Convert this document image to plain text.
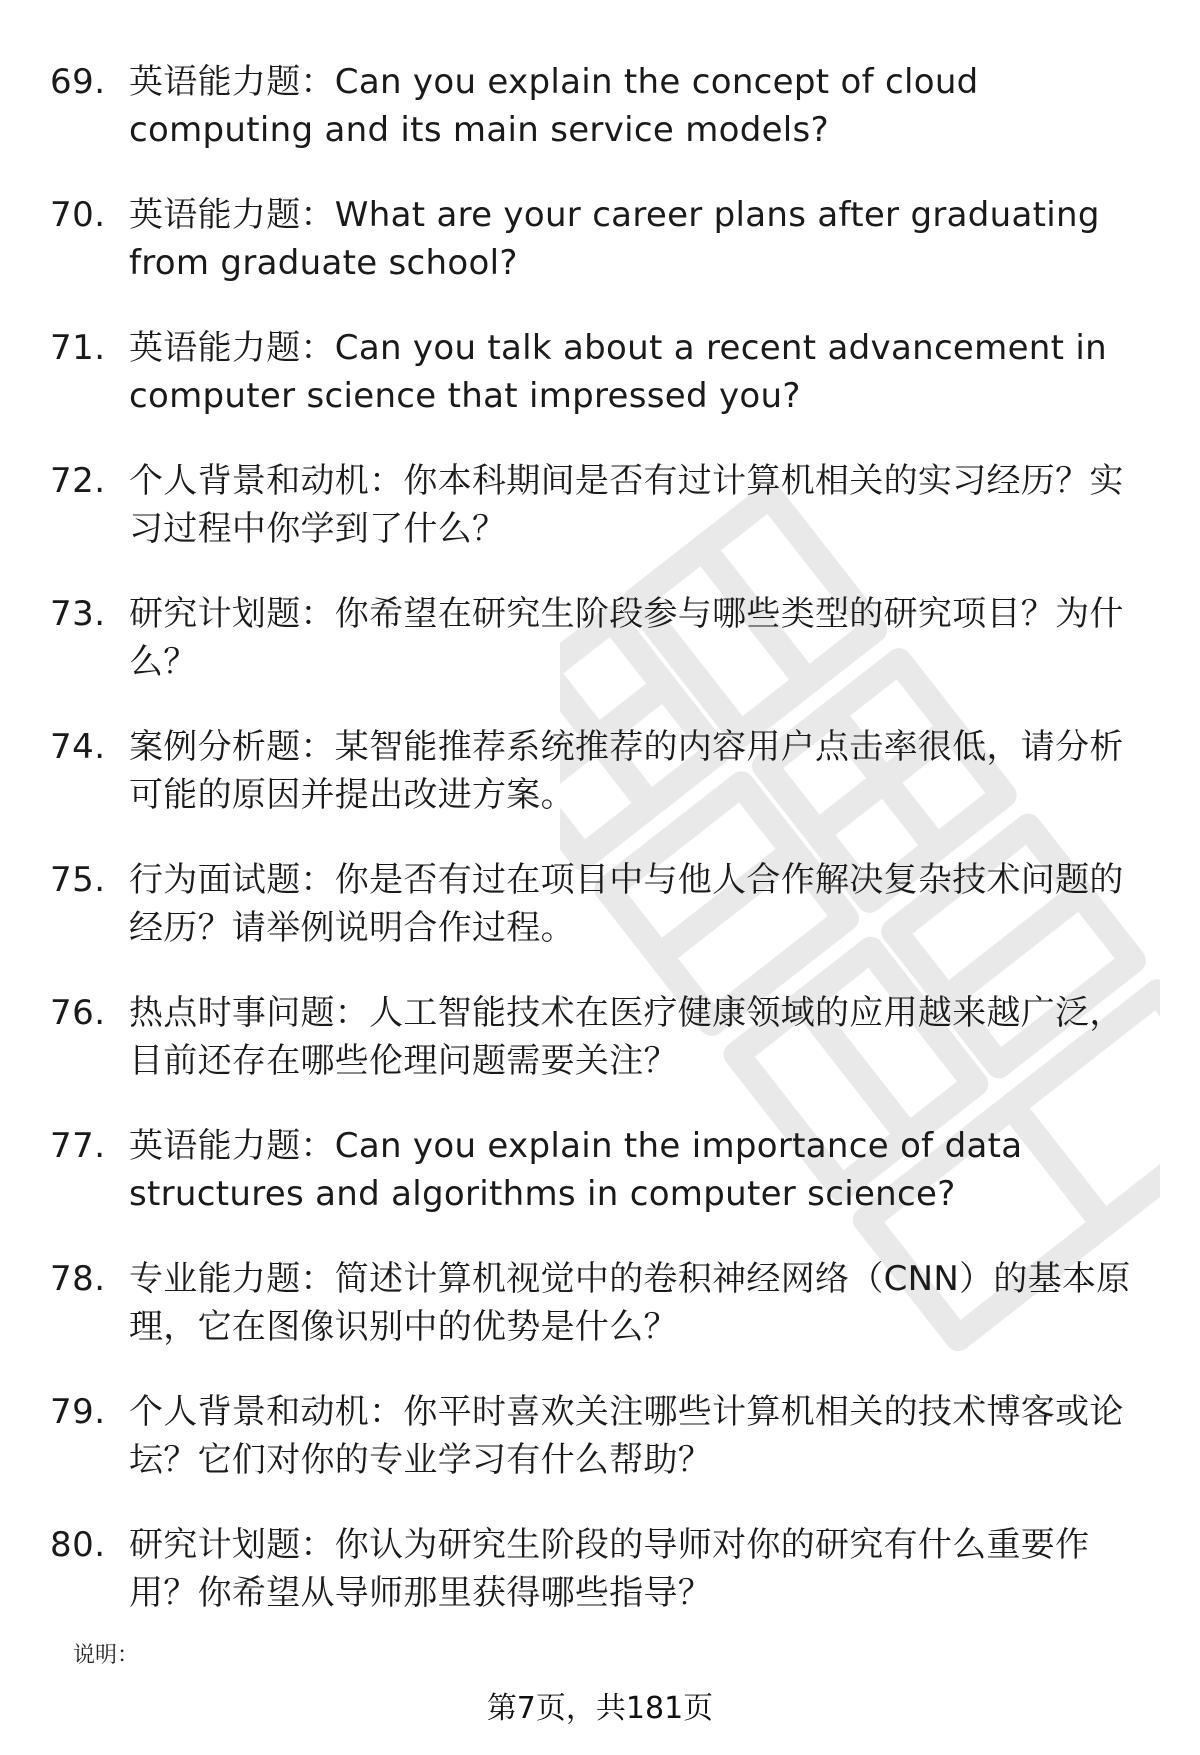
69. 英语能力题：Can you explain the concept of cloud computing and its main service models?
70. 英语能力题：What are your career plans after graduating from graduate school?
71. 英语能力题：Can you talk about a recent advancement in computer science that impressed you?
72. 个人背景和动机：你本科期间是否有过计算机相关的实习经历？实习过程中你学到了什么？
73. 研究计划题：你希望在研究生阶段参与哪些类型的研究项目？为什么？
74. 案例分析题：某智能推荐系统推荐的内容用户点击率很低，请分析可能的原因并提出改进方案。
75. 行为面试题：你是否有过在项目中与他人合作解决复杂技术问题的经历？请举例说明合作过程。
76. 热点时事问题：人工智能技术在医疗健康领域的应用越来越广泛，目前还存在哪些伦理问题需要关注？
77. 英语能力题：Can you explain the importance of data structures and algorithms in computer science?
78. 专业能力题：简述计算机视觉中的卷积神经网络（CNN）的基本原理，它在图像识别中的优势是什么？
79. 个人背景和动机：你平时喜欢关注哪些计算机相关的技术博客或论坛？它们对你的专业学习有什么帮助？
80. 研究计划题：你认为研究生阶段的导师对你的研究有什么重要作用？你希望从导师那里获得哪些指导？
说明：
第7页，共181页
